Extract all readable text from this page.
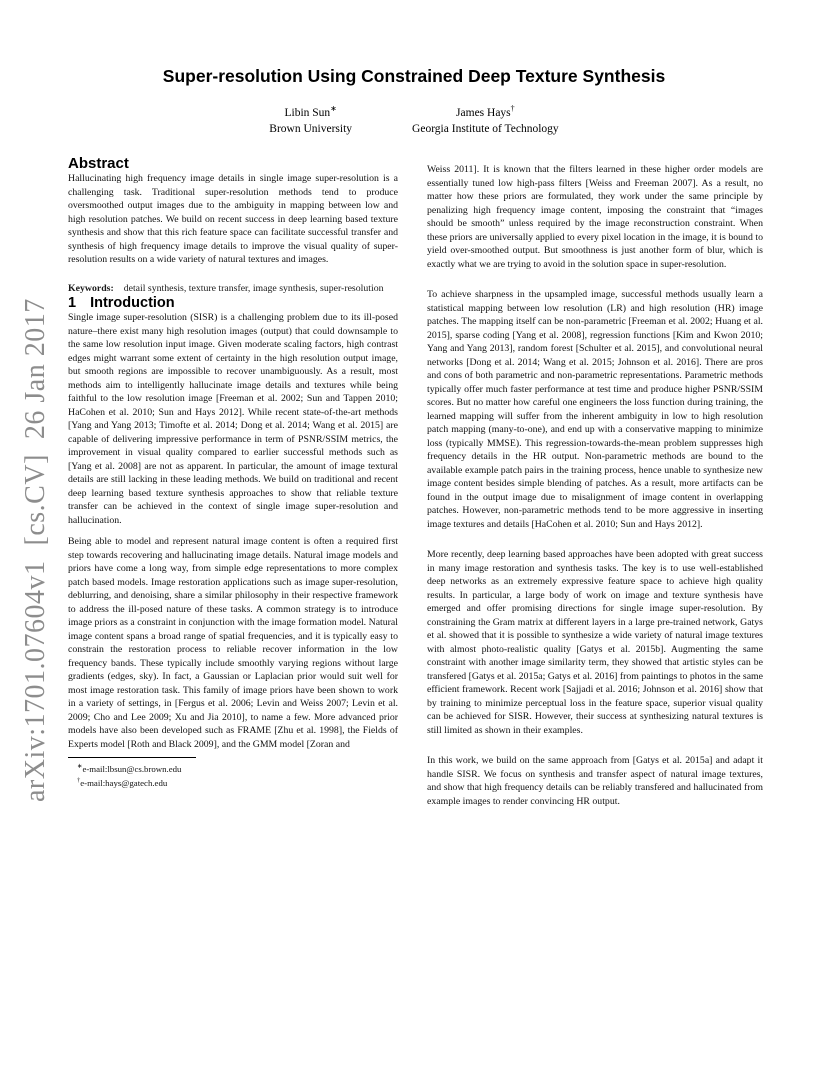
arXiv:1701.07604v1  [cs.CV]  26 Jan 2017
Super-resolution Using Constrained Deep Texture Synthesis
Libin Sun∗
Brown University
James Hays†
Georgia Institute of Technology
Abstract

Hallucinating high frequency image details in single image super-resolution is a challenging task. Traditional super-resolution methods tend to produce oversmoothed output images due to the ambiguity in mapping between low and high resolution patches. We build on recent success in deep learning based texture synthesis and show that this rich feature space can facilitate successful transfer and synthesis of high frequency image details to improve the visual quality of super-resolution results on a wide variety of natural textures and images.

Keywords: detail synthesis, texture transfer, image synthesis, super-resolution

1 Introduction

Single image super-resolution (SISR) is a challenging problem due to its ill-posed nature–there exist many high resolution images (output) that could downsample to the same low resolution input image. Given moderate scaling factors, high contrast edges might warrant some extent of certainty in the high resolution output image, but smooth regions are impossible to recover unambiguously. As a result, most methods aim to intelligently hallucinate image details and textures while being faithful to the low resolution image [Freeman et al. 2002; Sun and Tappen 2010; HaCohen et al. 2010; Sun and Hays 2012]. While recent state-of-the-art methods [Yang and Yang 2013; Timofte et al. 2014; Dong et al. 2014; Wang et al. 2015] are capable of delivering impressive performance in term of PSNR/SSIM metrics, the improvement in visual quality compared to earlier successful methods such as [Yang et al. 2008] are not as apparent. In particular, the amount of image textural details are still lacking in these leading methods. We build on traditional and recent deep learning based texture synthesis approaches to show that reliable texture transfer can be achieved in the context of single image super-resolution and hallucination.

Being able to model and represent natural image content is often a required first step towards recovering and hallucinating image details. Natural image models and priors have come a long way, from simple edge representations to more complex patch based models. Image restoration applications such as image super-resolution, deblurring, and denoising, share a similar philosophy in their respective framework to address the ill-posed nature of these tasks. A common strategy is to introduce image priors as a constraint in conjunction with the image formation model. Natural image content spans a broad range of spatial frequencies, and it is typically easy to constrain the restoration process to reliable recover information in the low frequency bands. These typically include smoothly varying regions without large gradients (edges, sky). In fact, a Gaussian or Laplacian prior would suit well for most image restoration task. This family of image priors have been shown to work in a variety of settings, in [Fergus et al. 2006; Levin and Weiss 2007; Levin et al. 2009; Cho and Lee 2009; Xu and Jia 2010], to name a few. More advanced prior models have also been developed such as FRAME [Zhu et al. 1998], the Fields of Experts model [Roth and Black 2009], and the GMM model [Zoran and

∗e-mail:lbsun@cs.brown.edu
†e-mail:hays@gatech.edu

Weiss 2011]. It is known that the filters learned in these higher order models are essentially tuned low high-pass filters [Weiss and Freeman 2007]. As a result, no matter how these priors are formulated, they work under the same principle by penalizing high frequency image content, imposing the constraint that “images should be smooth” unless required by the image reconstruction constraint. When these priors are universally applied to every pixel location in the image, it is bound to yield over-smoothed output. But smoothness is just another form of blur, which is exactly what we are trying to avoid in the solution space in super-resolution.

To achieve sharpness in the upsampled image, successful methods usually learn a statistical mapping between low resolution (LR) and high resolution (HR) image patches. The mapping itself can be non-parametric [Freeman et al. 2002; Huang et al. 2015], sparse coding [Yang et al. 2008], regression functions [Kim and Kwon 2010; Yang and Yang 2013], random forest [Schulter et al. 2015], and convolutional neural networks [Dong et al. 2014; Wang et al. 2015; Johnson et al. 2016]. There are pros and cons of both parametric and non-parametric representations. Parametric methods typically offer much faster performance at test time and produce higher PSNR/SSIM scores. But no matter how careful one engineers the loss function during training, the learned mapping will suffer from the inherent ambiguity in low to high resolution patch mapping (many-to-one), and end up with a conservative mapping to minimize loss (typically MMSE). This regression-towards-the-mean problem suppresses high frequency details in the HR output. Non-parametric methods are bound to the available example patch pairs in the training process, hence unable to synthesize new image content besides simple blending of patches. As a result, more artifacts can be found in the output image due to misalignment of image content in overlapping patches. However, non-parametric methods tend to be more aggressive in inserting image textures and details [HaCohen et al. 2010; Sun and Hays 2012].

More recently, deep learning based approaches have been adopted with great success in many image restoration and synthesis tasks. The key is to use well-established deep networks as an extremely expressive feature space to achieve high quality results. In particular, a large body of work on image and texture synthesis have emerged and offer promising directions for single image super-resolution. By constraining the Gram matrix at different layers in a large pre-trained network, Gatys et al. showed that it is possible to synthesize a wide variety of natural image textures with almost photo-realistic quality [Gatys et al. 2015b]. Augmenting the same constraint with another image similarity term, they showed that artistic styles can be transfered [Gatys et al. 2015a; Gatys et al. 2016] from paintings to photos in the same efficient framework. Recent work [Sajjadi et al. 2016; Johnson et al. 2016] show that by training to minimize perceptual loss in the feature space, superior visual quality can be achieved for SISR. However, their success at synthesizing natural textures is still limited as shown in their examples.

In this work, we build on the same approach from [Gatys et al. 2015a] and adapt it handle SISR. We focus on synthesis and transfer aspect of natural image textures, and show that high frequency details can be reliably transfered and hallucinated from example images to render convincing HR output.
